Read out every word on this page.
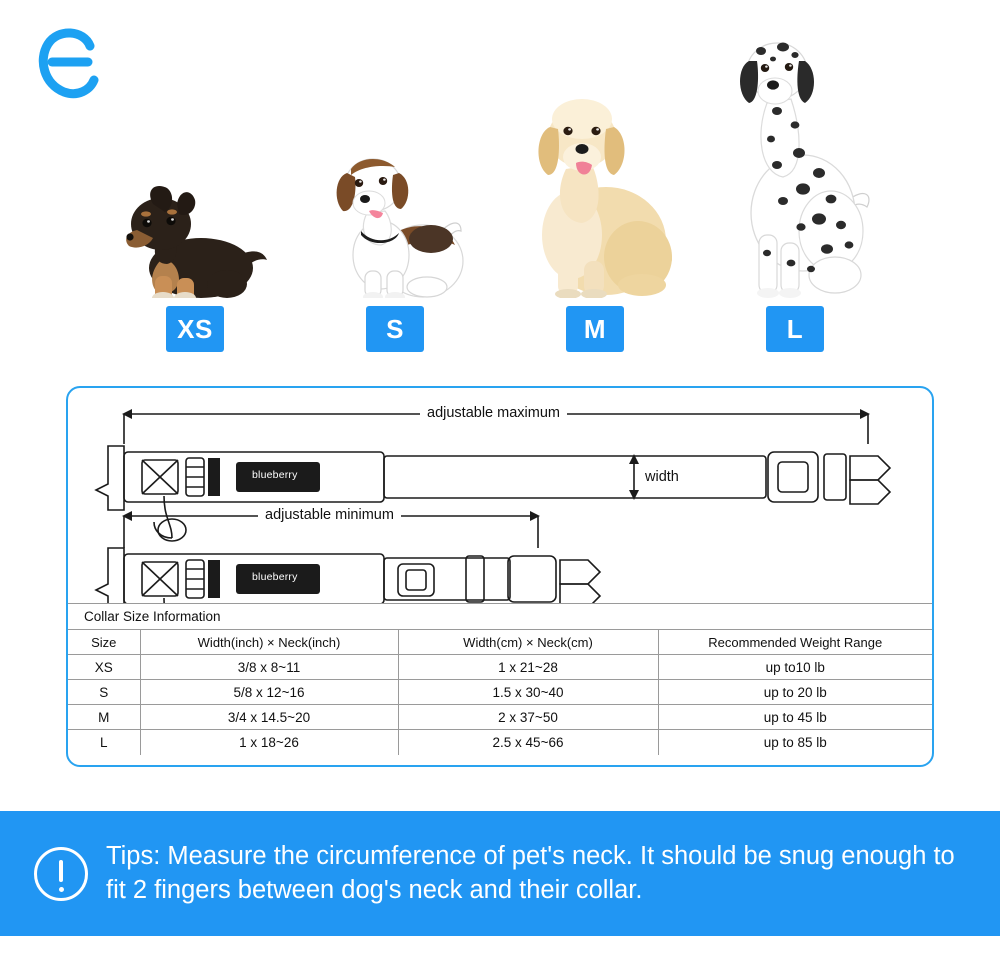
XS	S	M	L
adjustable maximum
adjustable minimum
width
blueberry
blueberry
Collar Size Information			
Size	Width(inch) × Neck(inch)	Width(cm) × Neck(cm)	Recommended Weight Range
XS	3/8 x 8~11	1 x 21~28	up to10 lb
S	5/8 x 12~16	1.5 x 30~40	up to 20 lb
M	3/4 x 14.5~20	2 x 37~50	up to 45 lb
L	1 x 18~26	2.5 x 45~66	up to 85 lb
Tips: Measure the circumference of pet's neck. It should be snug enough to fit 2 fingers between dog's neck and their collar.
